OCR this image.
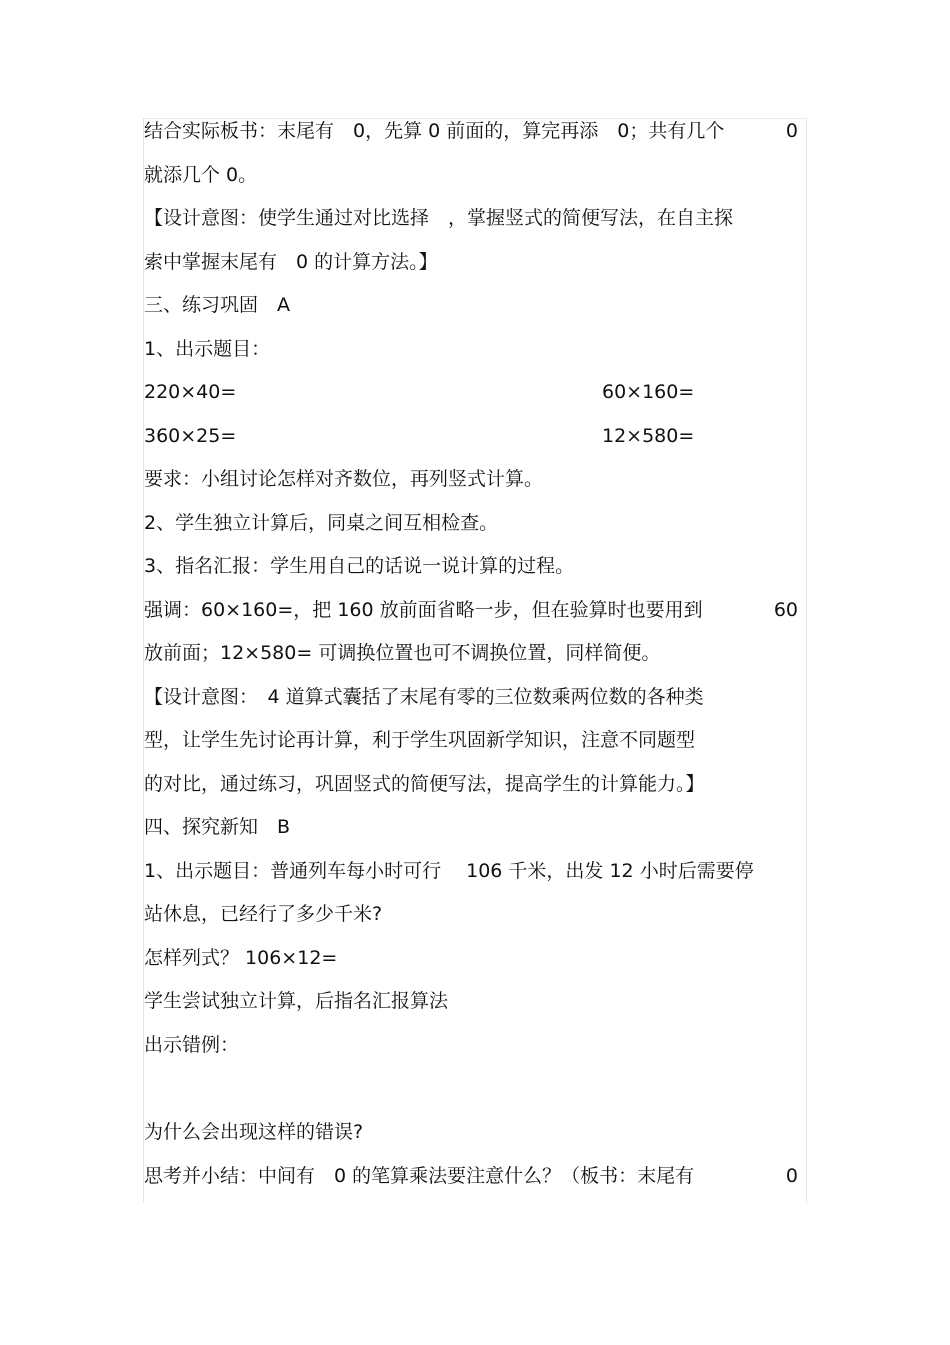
结合实际板书：末尾有　0，先算 0 前面的，算完再添　0；共有几个	0
就添几个 0。
【设计意图：使学生通过对比选择　，掌握竖式的简便写法，在自主探
索中掌握末尾有　0 的计算方法。】
三、练习巩固　A
1、出示题目：
220×40=	60×160=
360×25=	12×580=
要求：小组讨论怎样对齐数位，再列竖式计算。
2、学生独立计算后，同桌之间互相检查。
3、指名汇报：学生用自己的话说一说计算的过程。
强调：60×160=，把 160 放前面省略一步，但在验算时也要用到	60
放前面；12×580= 可调换位置也可不调换位置，同样简便。
【设计意图：　4 道算式囊括了末尾有零的三位数乘两位数的各种类
型，让学生先讨论再计算，利于学生巩固新学知识，注意不同题型
的对比，通过练习，巩固竖式的简便写法，提高学生的计算能力。】
四、探究新知　B
1、出示题目：普通列车每小时可行　 106 千米，出发 12 小时后需要停
站休息，已经行了多少千米?
怎样列式？ 106×12=
学生尝试独立计算，后指名汇报算法
出示错例：
为什么会出现这样的错误?
思考并小结：中间有　0 的笔算乘法要注意什么？（板书：末尾有	0
